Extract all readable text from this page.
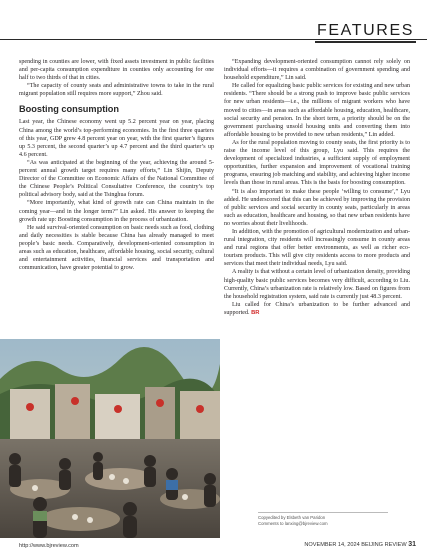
FEATURES

spending in counties are lower, with fixed assets investment in public facilities and per-capita consumption expenditure in counties only accounting for one half to two thirds of that in cities.

“The capacity of county seats and administrative towns to take in the rural migrant population still requires more support,” Zhou said.

Boosting consumption

Last year, the Chinese economy went up 5.2 percent year on year, placing China among the world’s top-performing economies. In the first three quarters of this year, GDP grew 4.8 percent year on year, with the first quarter’s figures up 5.3 percent, the second quarter’s up 4.7 percent and the third quarter’s up 4.6 percent.

“As was anticipated at the beginning of the year, achieving the around 5-percent annual growth target requires many efforts,” Lin Shijin, Deputy Director of the Committee on Economic Affairs of the National Committee of the Chinese People’s Political Consultative Conference, the country’s top political advisory body, said at the Tsinghua forum.

“More importantly, what kind of growth rate can China maintain in the coming year—and in the longer term?” Lin asked. His answer to keeping the growth rate up: Boosting consumption in the process of urbanization.

He said survival-oriented consumption on basic needs such as food, clothing and daily necessities is stable because China has already managed to meet people’s basic needs. Comparatively, development-oriented consumption in areas such as education, healthcare, affordable housing, social security, cultural and entertainment activities, financial services and transportation and communication, have greater potential to grow.

“Expanding development-oriented consumption cannot rely solely on individual efforts—it requires a combination of government spending and household expenditure,” Lin said.

He called for equalizing basic public services for existing and new urban residents. “There should be a strong push to improve basic public services for new urban residents—i.e., the millions of migrant workers who have moved to cities—in areas such as affordable housing, education, healthcare, social security and pension. In the short term, a priority should be on the government purchasing unsold housing units and converting them into affordable housing to be provided to new urban residents,” Lin added.

As for the rural population moving to county seats, the first priority is to raise the income level of this group, Lyu said. This requires the development of specialized industries, a sufficient supply of employment opportunities, further expansion and improvement of vocational training programs, ensuring job matching and stability, and achieving higher income levels than those in rural areas. This is the basis for boosting consumption.

“It is also important to make these people ‘willing to consume’,” Lyu added. He underscored that this can be achieved by improving the provision of public services and social security in county seats, particularly in areas such as education, healthcare and housing, so that new urban residents have no worries about their livelihoods.

In addition, with the promotion of agricultural modernization and urban-rural integration, city residents will increasingly consume in county areas and rural regions that offer better environments, as well as richer eco-tourism products. This will give city residents access to more products and services that meet their individual needs, Lyu said.

A reality is that without a certain level of urbanization density, providing high-quality basic public services becomes very difficult, according to Liu. Currently, China’s urbanization rate is relatively low. Based on figures from the household registration system, said rate is currently just 48.3 percent.

Liu called for China’s urbanization to be further advanced and supported. BR

Copyedited by Elsbeth van Paridon
Comments to lanxing@bjreview.com
http://www.bjreview.com	NOVEMBER 14, 2024 BEIJING REVIEW 31
